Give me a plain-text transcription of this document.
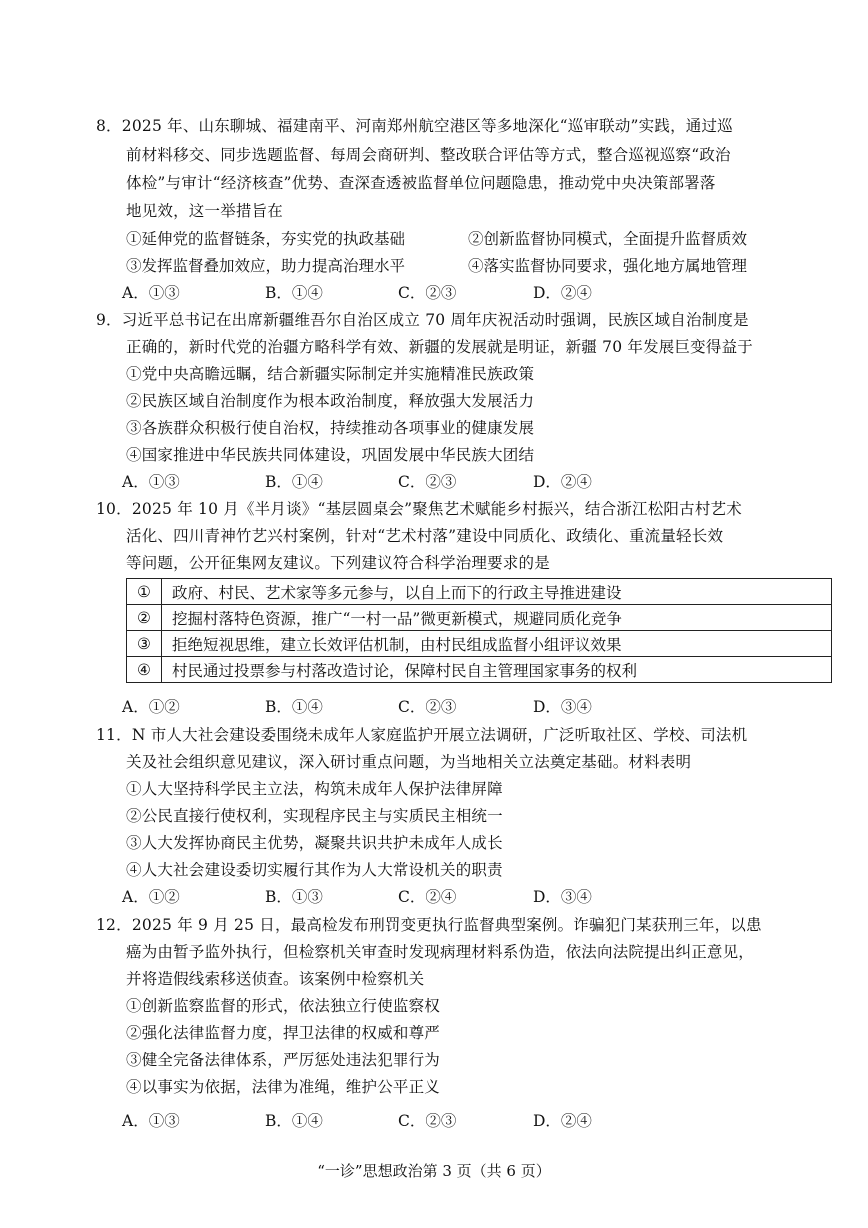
8．2025 年、山东聊城、福建南平、河南郑州航空港区等多地深化“巡审联动”实践，通过巡
前材料移交、同步选题监督、每周会商研判、整改联合评估等方式，整合巡视巡察“政治
体检”与审计“经济核查”优势、查深查透被监督单位问题隐患，推动党中央决策部署落
地见效，这一举措旨在
①延伸党的监督链条，夯实党的执政基础	②创新监督协同模式，全面提升监督质效
③发挥监督叠加效应，助力提高治理水平	④落实监督协同要求，强化地方属地管理
A．①③	B．①④	C．②③	D．②④
9．习近平总书记在出席新疆维吾尔自治区成立 70 周年庆祝活动时强调，民族区域自治制度是
正确的，新时代党的治疆方略科学有效、新疆的发展就是明证，新疆 70 年发展巨变得益于
①党中央高瞻远瞩，结合新疆实际制定并实施精准民族政策
②民族区域自治制度作为根本政治制度，释放强大发展活力
③各族群众积极行使自治权，持续推动各项事业的健康发展
④国家推进中华民族共同体建设，巩固发展中华民族大团结
A．①③	B．①④	C．②③	D．②④
10．2025 年 10 月《半月谈》“基层圆桌会”聚焦艺术赋能乡村振兴，结合浙江松阳古村艺术
活化、四川青神竹艺兴村案例，针对“艺术村落”建设中同质化、政绩化、重流量轻长效
等问题，公开征集网友建议。下列建议符合科学治理要求的是
①	政府、村民、艺术家等多元参与，以自上而下的行政主导推进建设
②	挖掘村落特色资源，推广“一村一品”微更新模式，规避同质化竞争
③	拒绝短视思维，建立长效评估机制，由村民组成监督小组评议效果
④	村民通过投票参与村落改造讨论，保障村民自主管理国家事务的权利
A．①②	B．①④	C．②③	D．③④
11．N 市人大社会建设委围绕未成年人家庭监护开展立法调研，广泛听取社区、学校、司法机
关及社会组织意见建议，深入研讨重点问题，为当地相关立法奠定基础。材料表明
①人大坚持科学民主立法，构筑未成年人保护法律屏障
②公民直接行使权利，实现程序民主与实质民主相统一
③人大发挥协商民主优势，凝聚共识共护未成年人成长
④人大社会建设委切实履行其作为人大常设机关的职责
A．①②	B．①③	C．②④	D．③④
12．2025 年 9 月 25 日，最高检发布刑罚变更执行监督典型案例。诈骗犯门某获刑三年，以患
癌为由暂予监外执行，但检察机关审查时发现病理材料系伪造，依法向法院提出纠正意见，
并将造假线索移送侦查。该案例中检察机关
①创新监察监督的形式，依法独立行使监察权
②强化法律监督力度，捍卫法律的权威和尊严
③健全完备法律体系，严厉惩处违法犯罪行为
④以事实为依据，法律为准绳，维护公平正义
A．①③	B．①④	C．②③	D．②④
“一诊”思想政治第 3 页（共 6 页）
